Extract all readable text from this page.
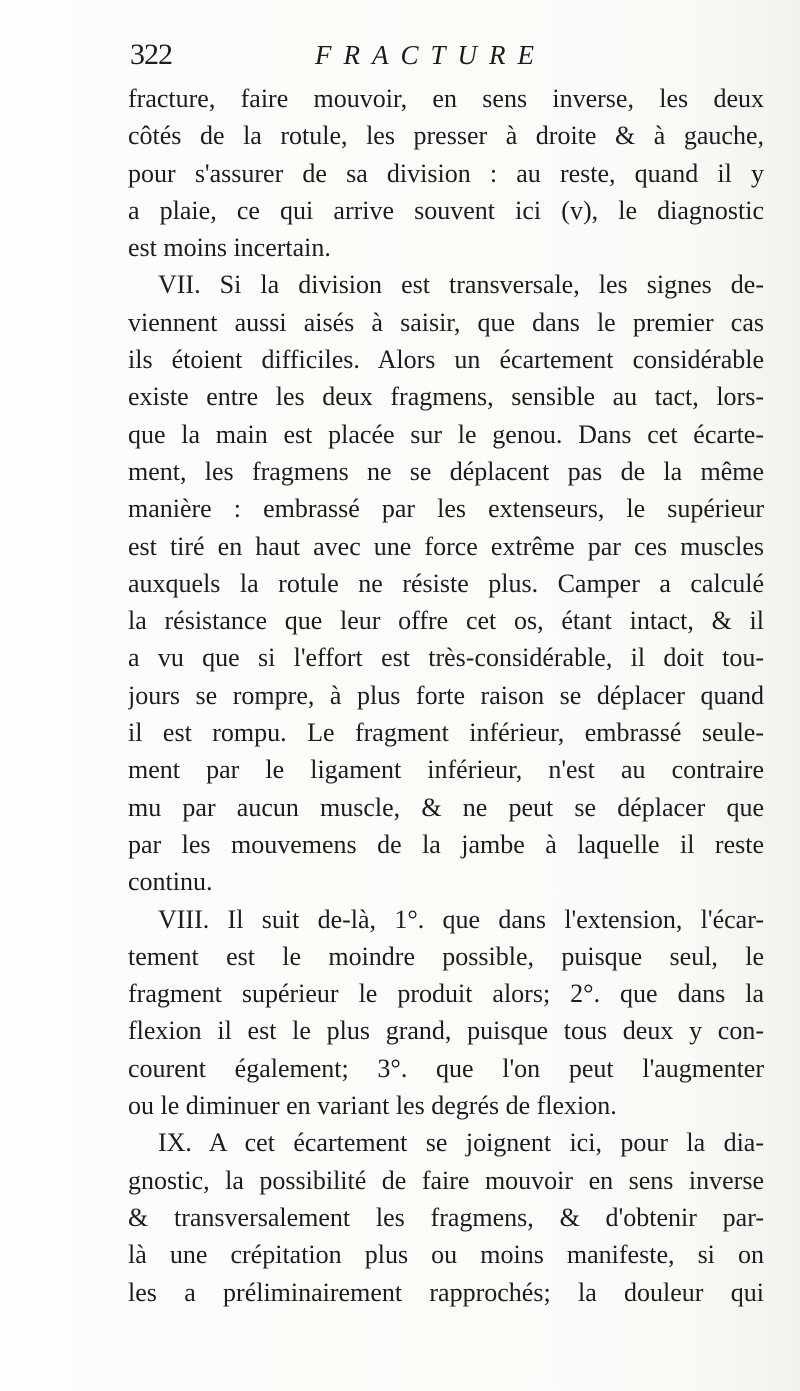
322	FRACTURE
fracture, faire mouvoir, en sens inverse, les deux
côtés de la rotule, les presser à droite & à gauche,
pour s'assurer de sa division : au reste, quand il y
a plaie, ce qui arrive souvent ici (v), le diagnostic
est moins incertain.
VII. Si la division est transversale, les signes de-
viennent aussi aisés à saisir, que dans le premier cas
ils étoient difficiles. Alors un écartement considérable
existe entre les deux fragmens, sensible au tact, lors-
que la main est placée sur le genou. Dans cet écarte-
ment, les fragmens ne se déplacent pas de la même
manière : embrassé par les extenseurs, le supérieur
est tiré en haut avec une force extrême par ces muscles
auxquels la rotule ne résiste plus. Camper a calculé
la résistance que leur offre cet os, étant intact, & il
a vu que si l'effort est très-considérable, il doit tou-
jours se rompre, à plus forte raison se déplacer quand
il est rompu. Le fragment inférieur, embrassé seule-
ment par le ligament inférieur, n'est au contraire
mu par aucun muscle, & ne peut se déplacer que
par les mouvemens de la jambe à laquelle il reste
continu.
VIII. Il suit de-là, 1°. que dans l'extension, l'écar-
tement est le moindre possible, puisque seul, le
fragment supérieur le produit alors; 2°. que dans la
flexion il est le plus grand, puisque tous deux y con-
courent également; 3°. que l'on peut l'augmenter
ou le diminuer en variant les degrés de flexion.
IX. A cet écartement se joignent ici, pour la dia-
gnostic, la possibilité de faire mouvoir en sens inverse
& transversalement les fragmens, & d'obtenir par-
là une crépitation plus ou moins manifeste, si on
les a préliminairement rapprochés; la douleur qui
